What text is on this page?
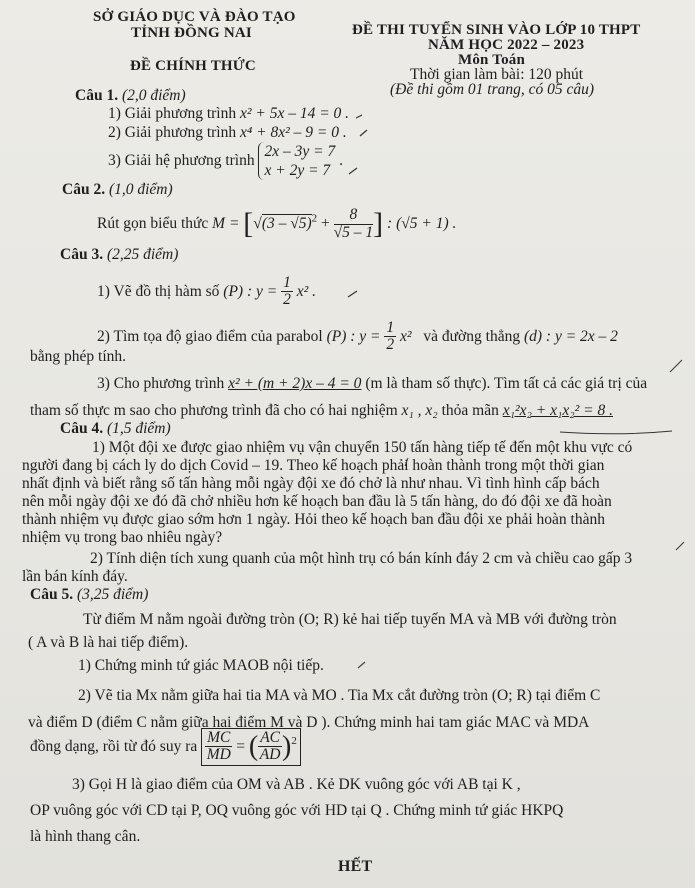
SỞ GIÁO DỤC VÀ ĐÀO TẠO
TỈNH ĐỒNG NAI
ĐỀ CHÍNH THỨC
ĐỀ THI TUYỂN SINH VÀO LỚP 10 THPT
NĂM HỌC 2022 – 2023
Môn Toán
Thời gian làm bài: 120 phút
(Đề thi gồm 01 trang, có 05 câu)
Câu 1. (2,0 điểm)
1) Giải phương trình x² + 5x – 14 = 0 .
2) Giải phương trình x⁴ + 8x² – 9 = 0 .
3) Giải hệ phương trình
2x – 3y = 7
x + 2y = 7
.
Câu 2. (1,0 điểm)
Rút gọn biểu thức $M = [√(3 - √5)^2 + \frac{8}{√5 - 1}$ ] : (√5 + 1) .
Câu 3. (2,25 điểm)
1) Vẽ đồ thị hàm số (P) : $y = \frac{1}{2} x^2$ .
2) Tìm tọa độ giao điểm của parabol (P) : $y = \frac{1}{2} x^2$ và đường thẳng (d) : y = 2x – 2
bằng phép tính.
3) Cho phương trình x² + (m + 2)x – 4 = 0 (m là tham số thực). Tìm tất cả các giá trị của
tham số thực m sao cho phương trình đã cho có hai nghiệm x₁ , x₂ thỏa mãn x₁²x₂ + x₁x₂² = 8 .
Câu 4. (1,5 điểm)
1) Một đội xe được giao nhiệm vụ vận chuyển 150 tấn hàng tiếp tế đến một khu vực có
người đang bị cách ly do dịch Covid – 19. Theo kế hoạch phải hoàn thành trong một thời gian
nhất định và biết rằng số tấn hàng mỗi ngày đội xe đó chở là như nhau. Vì tình hình cấp bách
nên mỗi ngày đội xe đó đã chở nhiều hơn kế hoạch ban đầu là 5 tấn hàng, do đó đội xe đã hoàn
thành nhiệm vụ được giao sớm hơn 1 ngày. Hỏi theo kế hoạch ban đầu đội xe phải hoàn thành
nhiệm vụ trong bao nhiêu ngày?
2) Tính diện tích xung quanh của một hình trụ có bán kính đáy 2 cm và chiều cao gấp 3
lần bán kính đáy.
Câu 5. (3,25 điểm)
Từ điểm M nằm ngoài đường tròn (O; R) kẻ hai tiếp tuyến MA và MB với đường tròn
( A và B là hai tiếp điểm).
1) Chứng minh tứ giác MAOB nội tiếp.
2) Vẽ tia Mx nằm giữa hai tia MA và MO . Tia Mx cắt đường tròn (O; R) tại điểm C
và điểm D (điểm C nằm giữa hai điểm M và D ). Chứng minh hai tam giác MAC và MDA
đồng dạng, rồi từ đó suy ra $\frac{MC}{MD}$ = ( $\frac{AC}{AD} )^2$
3) Gọi H là giao điểm của OM và AB . Kẻ DK vuông góc với AB tại K ,
OP vuông góc với CD tại P, OQ vuông góc với HD tại Q . Chứng minh tứ giác HKPQ
là hình thang cân.
HẾT
